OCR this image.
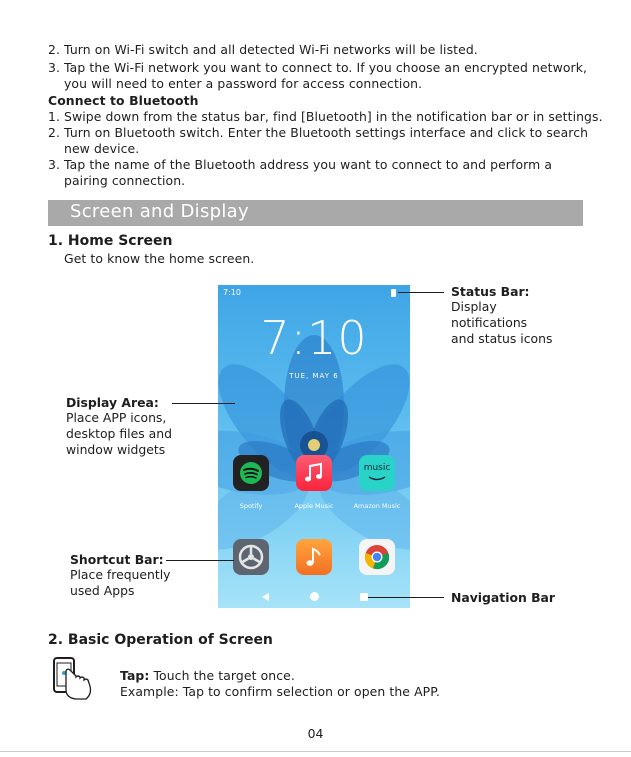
2. Turn on Wi-Fi switch and all detected Wi-Fi networks will be listed.
3. Tap the Wi-Fi network you want to connect to. If you choose an encrypted network,
you will need to enter a password for access connection.
Connect to Bluetooth
1. Swipe down from the status bar, find [Bluetooth] in the notification bar or in settings.
2. Turn on Bluetooth switch. Enter the Bluetooth settings interface and click to search
new device.
3. Tap the name of the Bluetooth address you want to connect to and perform a
pairing connection.
Screen and Display
1. Home Screen
Get to know the home screen.
7:10
7:10
TUE, MAY 6
Spotify	Apple Music
music
Amazon Music
Status Bar:
Display
notifications
and status icons
Display Area:
Place APP icons,
desktop files and
window widgets
Shortcut Bar:
Place frequently
used Apps	Navigation Bar
2. Basic Operation of Screen
Tap: Touch the target once.
Example: Tap to confirm selection or open the APP.
04
